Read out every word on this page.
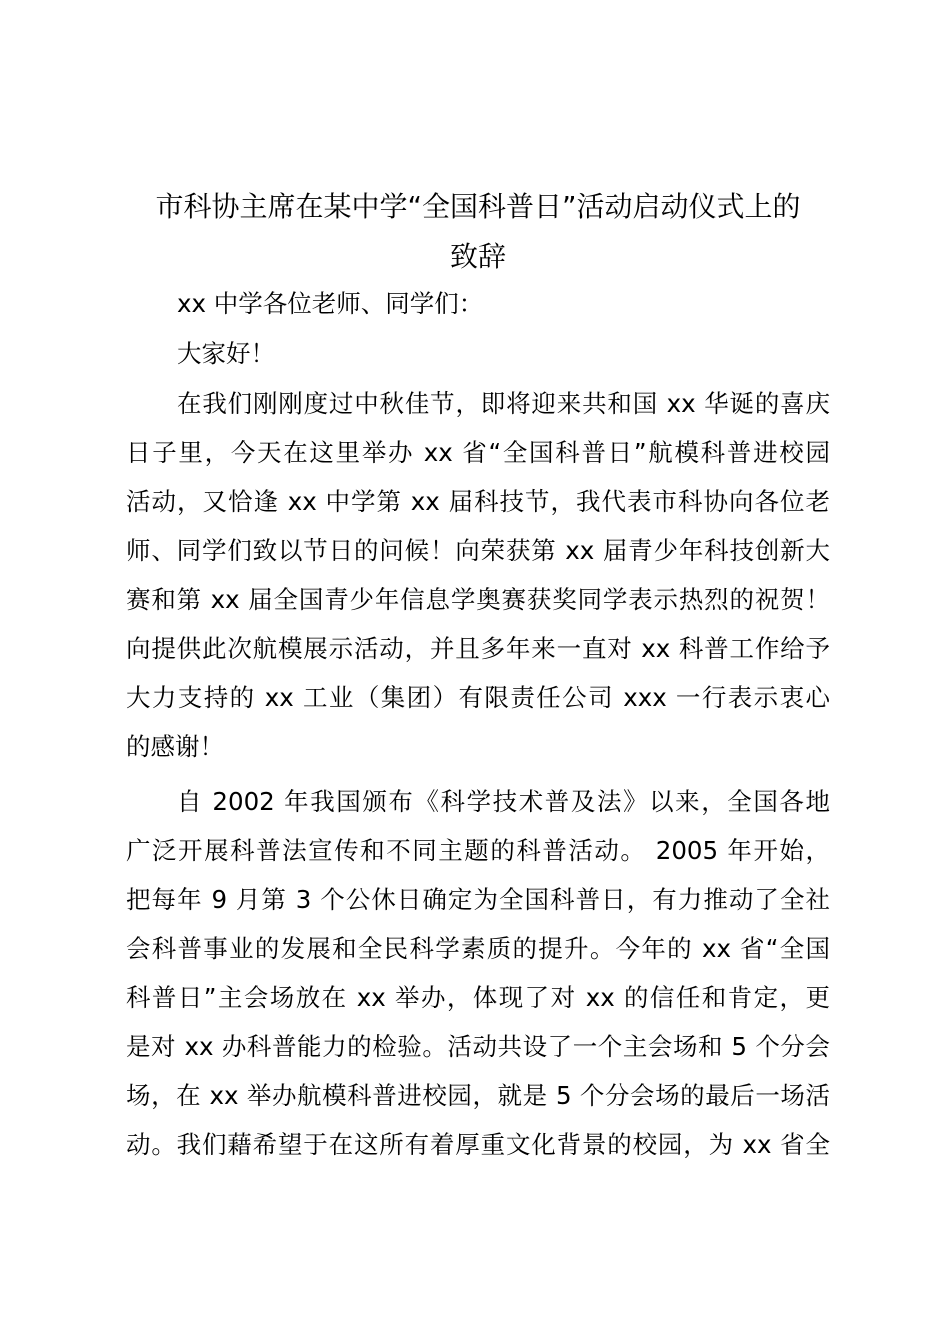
市科协主席在某中学“全国科普日”活动启动仪式上的
致辞

xx 中学各位老师、同学们：

大家好！

在我们刚刚度过中秋佳节，即将迎来共和国 xx 华诞的喜庆

日子里，今天在这里举办 xx 省“全国科普日”航模科普进校园

活动，又恰逢 xx 中学第 xx 届科技节，我代表市科协向各位老

师、同学们致以节日的问候！向荣获第 xx 届青少年科技创新大

赛和第 xx 届全国青少年信息学奥赛获奖同学表示热烈的祝贺！

向提供此次航模展示活动，并且多年来一直对 xx 科普工作给予

大力支持的 xx 工业（集团）有限责任公司 xxx 一行表示衷心

的感谢！

自 2002 年我国颁布《科学技术普及法》以来，全国各地

广泛开展科普法宣传和不同主题的科普活动。 2005 年开始，

把每年 9 月第 3 个公休日确定为全国科普日，有力推动了全社

会科普事业的发展和全民科学素质的提升。今年的 xx 省“全国

科普日”主会场放在 xx 举办，体现了对 xx 的信任和肯定，更

是对 xx 办科普能力的检验。活动共设了一个主会场和 5 个分会

场，在 xx 举办航模科普进校园，就是 5 个分会场的最后一场活

动。我们藉希望于在这所有着厚重文化背景的校园，为 xx 省全
